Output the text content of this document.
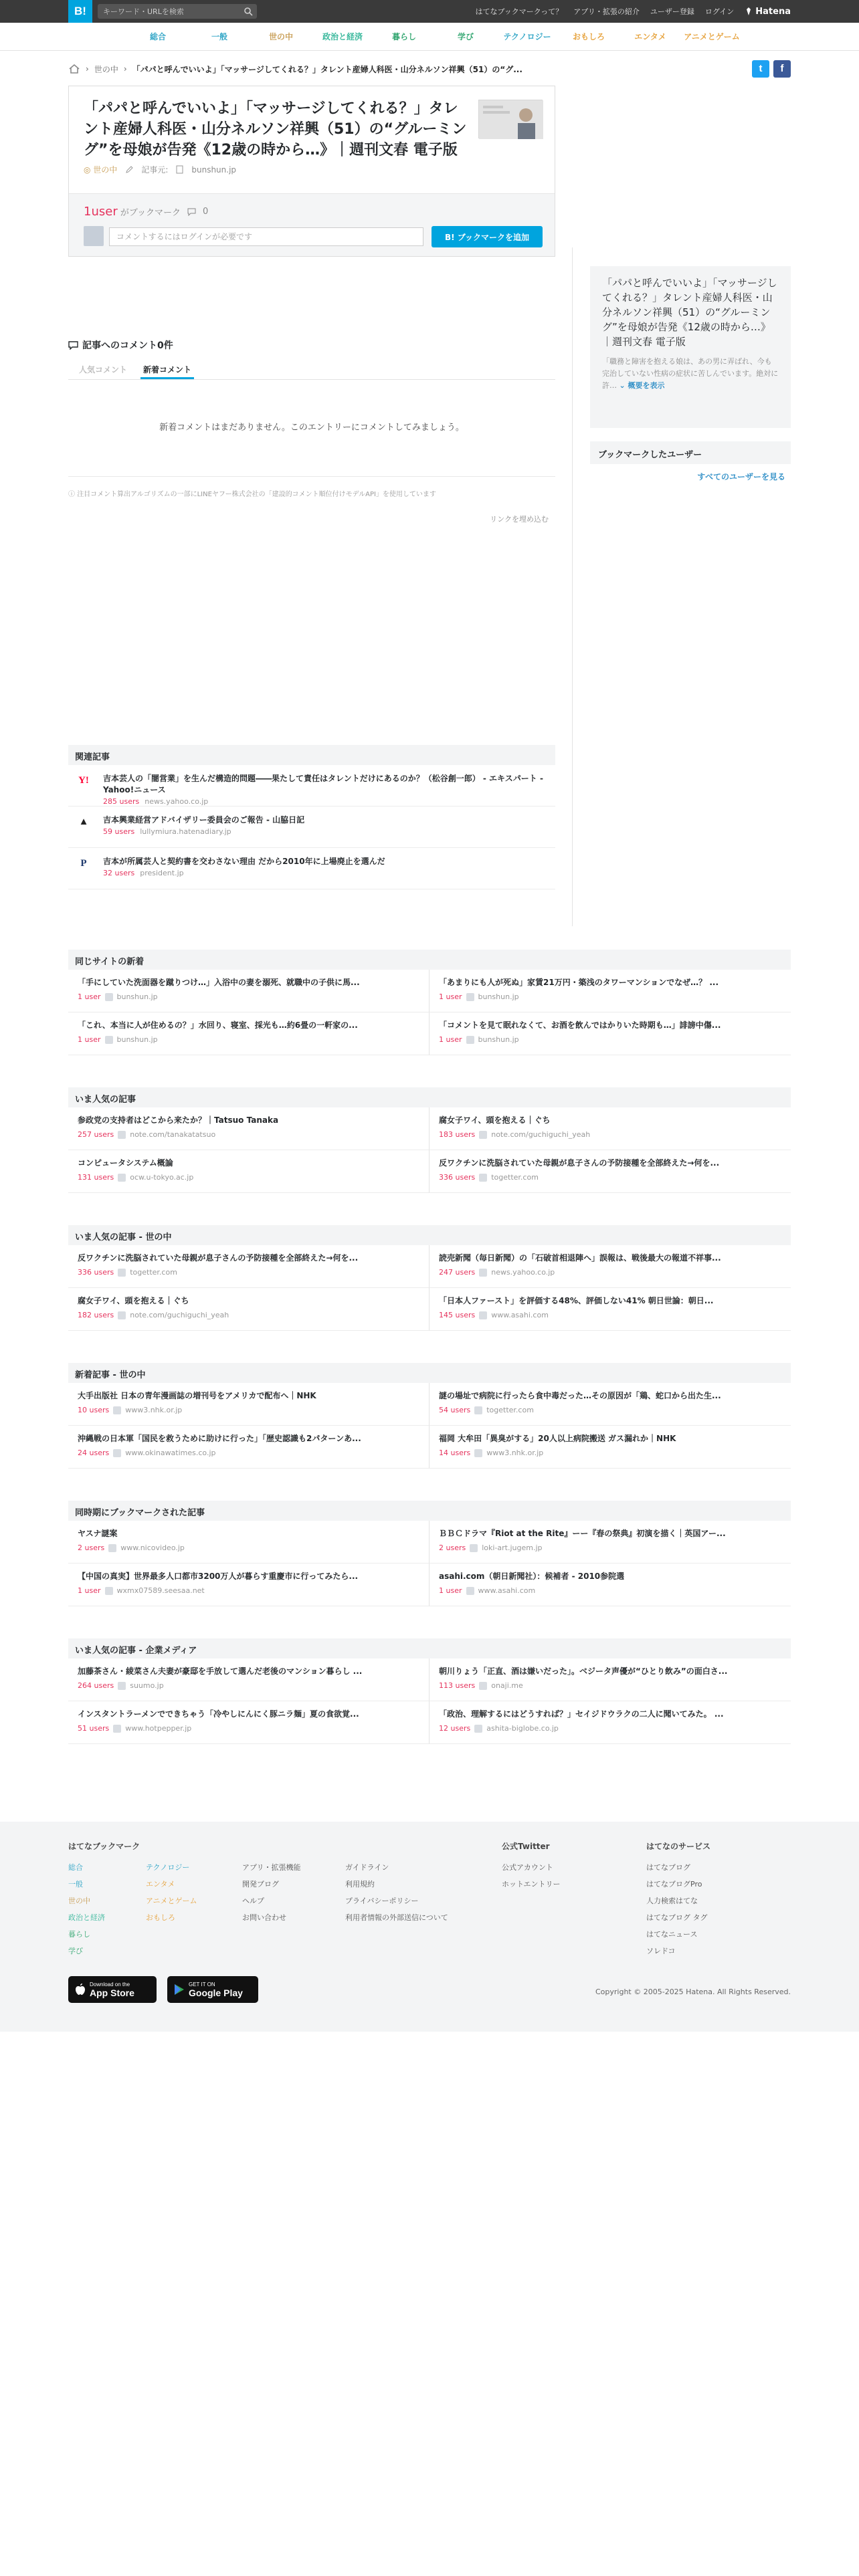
B!
キーワード・URLを検索	はてなブックマークって？ アプリ・拡張の紹介 ユーザー登録 ログイン Hatena
総合	一般	世の中	政治と経済	暮らし	学び	テクノロジー	おもしろ	エンタメ	アニメとゲーム
› 世の中 › 「パパと呼んでいいよ」「マッサージしてくれる？」タレント産婦人科医・山分ネルソン祥興（51）の“グ...	t	f
「パパと呼んでいいよ」「マッサージしてくれる？」タレント産婦人科医・山分ネルソン祥興（51）の“グルーミング”を母娘が告発《12歳の時から…》｜週刊文春 電子版
◎ 世の中	記事元:	bunshun.jp
1user がブックマーク	0
コメントするにはログインが必要です
B! ブックマークを追加
「パパと呼んでいいよ」「マッサージしてくれる？」タレント産婦人科医・山分ネルソン祥興（51）の“グルーミング”を母娘が告発《12歳の時から…》｜週刊文春 電子版
「職務と障害を抱える娘は、あの男に弄ばれ、今も完治していない性病の症状に苦しんでいます。絶対に許… ⌄ 概要を表示
ブックマークしたユーザー
すべてのユーザーを見る
記事へのコメント0件
人気コメント	新着コメント
新着コメントはまだありません。このエントリーにコメントしてみましょう。
ⓘ 注目コメント算出アルゴリズムの一部にLINEヤフー株式会社の「建設的コメント順位付けモデルAPI」を使用しています
リンクを埋め込む
関連記事
Y! 吉本芸人の「闇営業」を生んだ構造的問題――果たして責任はタレントだけにあるのか？（松谷創一郎） - エキスパート - Yahoo!ニュース
285 users news.yahoo.co.jp
▲ 吉本興業経営アドバイザリー委員会のご報告 - 山脇日記
59 users lullymiura.hatenadiary.jp
P	吉本が所属芸人と契約書を交わさない理由 だから2010年に上場廃止を選んだ
32 users president.jp
同じサイトの新着
「手にしていた洗面器を蹴りつけ…」入浴中の妻を溺死、就職中の子供に馬...
1 user bunshun.jp
「あまりにも人が死ぬ」家賃21万円・築浅のタワーマンションでなぜ…？ ...
1 user bunshun.jp
「これ、本当に人が住めるの？」水回り、寝室、採光も…約6畳の一軒家の...
1 user bunshun.jp
「コメントを見て眠れなくて、お酒を飲んではかりいた時期も…」誹謗中傷...
1 user bunshun.jp
いま人気の記事
参政党の支持者はどこから来たか？｜Tatsuo Tanaka
257 users note.com/tanakatatsuo
腐女子ワイ、頭を抱える｜ぐち
183 users note.com/guchiguchi_yeah
コンピュータシステム概論
131 users ocw.u-tokyo.ac.jp
反ワクチンに洗脳されていた母親が息子さんの予防接種を全部終えた→何を...
336 users togetter.com
いま人気の記事 - 世の中
反ワクチンに洗脳されていた母親が息子さんの予防接種を全部終えた→何を...
336 users togetter.com
読売新聞（毎日新聞）の「石破首相退陣へ」誤報は、戦後最大の報道不祥事...
247 users news.yahoo.co.jp
腐女子ワイ、頭を抱える｜ぐち
182 users note.com/guchiguchi_yeah
「日本人ファースト」を評価する48%、評価しない41% 朝日世論：朝日...
145 users www.asahi.com
新着記事 - 世の中
大手出版社 日本の青年漫画誌の増刊号をアメリカで配布へ｜NHK
10 users www3.nhk.or.jp
謎の場址で病院に行ったら食中毒だった…その原因が「鶏、蛇口から出た生...
54 users togetter.com
沖縄戦の日本軍「国民を救うために助けに行った」「歴史認識も2パターンあ...
24 users www.okinawatimes.co.jp
福岡 大牟田「異臭がする」20人以上病院搬送 ガス漏れか｜NHK
14 users www3.nhk.or.jp
同時期にブックマークされた記事
ヤスナ謎案
2 users www.nicovideo.jp
ＢＢＣドラマ『Riot at the Rite』ーー『春の祭典』初演を描く｜英国アー...
2 users loki-art.jugem.jp
【中国の真実】世界最多人口都市3200万人が暮らす重慶市に行ってみたら...
1 user wxmx07589.seesaa.net
asahi.com（朝日新聞社）：候補者 - 2010参院選
1 user www.asahi.com
いま人気の記事 - 企業メディア
加藤茶さん・綾菜さん夫妻が豪邸を手放して選んだ老後のマンション暮らし ...
264 users suumo.jp
朝川りょう「正直、酒は嫌いだった」。ベジータ声優が“ひとり飲み”の面白さ...
113 users onaji.me
インスタントラーメンでできちゃう「冷やしにんにく豚ニラ麺」夏の食欲覚...
51 users www.hotpepper.jp
「政治、理解するにはどうすれば？」セイジドウラクの二人に聞いてみた。 ...
12 users ashita-biglobe.co.jp
はてなブックマーク
総合
一般
世の中
政治と経済
暮らし
学び
テクノロジー
エンタメ
アニメとゲーム
おもしろ
アプリ・拡張機能
開発ブログ
ヘルプ
お問い合わせ
ガイドライン
利用規約
プライバシーポリシー
利用者情報の外部送信について
公式Twitter
公式アカウント
ホットエントリー
はてなのサービス
はてなブログ
はてなブログPro
人力検索はてな
はてなブログ タグ
はてなニュース
ソレドコ
Download on the
App Store
GET IT ON
Google Play	Copyright © 2005-2025 Hatena. All Rights Reserved.
